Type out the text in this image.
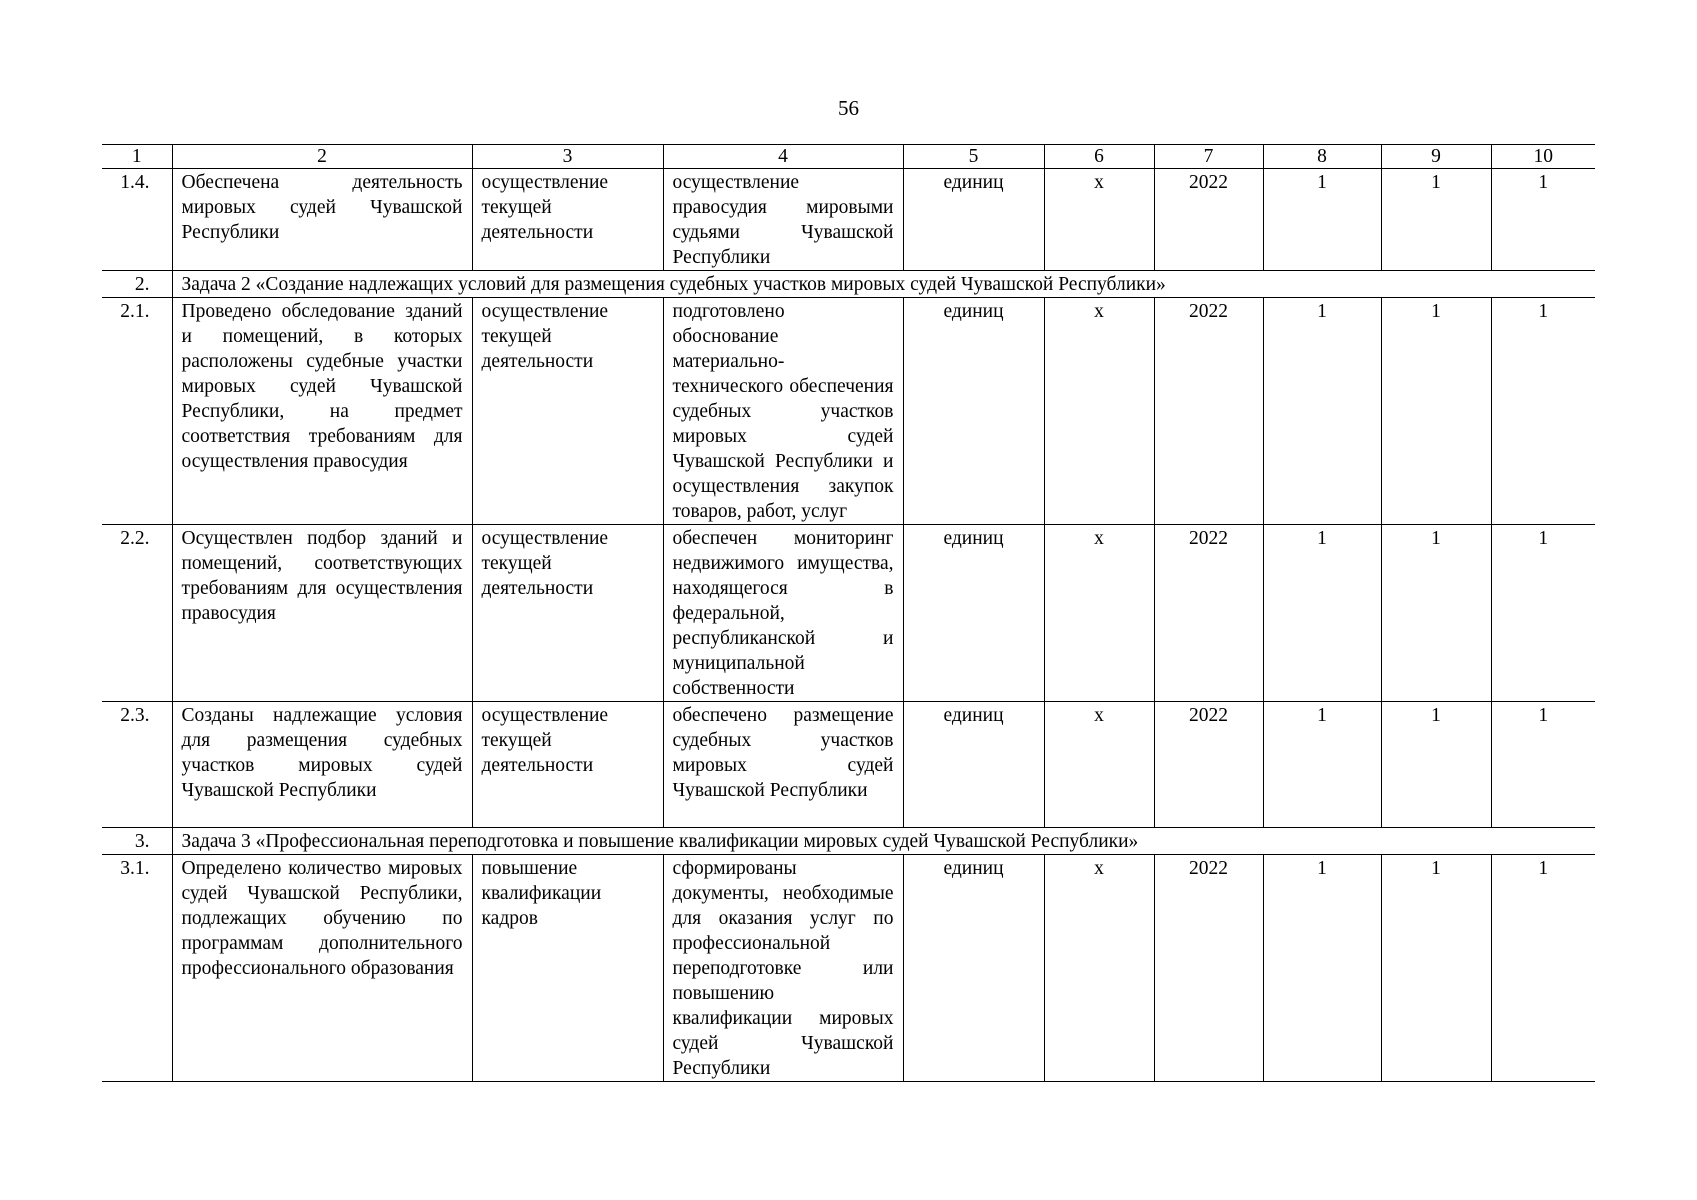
56
1	2	3	4	5	6	7	8	9	10
1.4.	Обеспечена деятельность мировых судей Чувашской Республики	осуществление текущей деятельности	осуществление правосудия мировыми судьями Чувашской Республики	единиц	х	2022	1	1	1
2.	Задача 2 «Создание надлежащих условий для размещения судебных участков мировых судей Чувашской Республики»								
2.1.	Проведено обследование зданий и помещений, в которых расположены судебные участки мировых судей Чувашской Республики, на предмет соответствия требованиям для осуществления правосудия	осуществление текущей деятельности	подготовлено обоснование материально-технического обеспечения судебных участков мировых судей Чувашской Республики и осуществления закупок товаров, работ, услуг	единиц	х	2022	1	1	1
2.2.	Осуществлен подбор зданий и помещений, соответствующих требованиям для осуществления правосудия	осуществление текущей деятельности	обеспечен мониторинг недвижимого имущества, находящегося в федеральной, республиканской и муниципальной собственности	единиц	х	2022	1	1	1
2.3.	Созданы надлежащие условия для размещения судебных участков мировых судей Чувашской Республики	осуществление текущей деятельности	обеспечено размещение судебных участков мировых судей Чувашской Республики	единиц	х	2022	1	1	1
3.	Задача 3 «Профессиональная переподготовка и повышение квалификации мировых судей Чувашской Республики»								
3.1.	Определено количество мировых судей Чувашской Республики, подлежащих обучению по программам дополнительного профессионального образования	повышение квалификации кадров	сформированы документы, необходимые для оказания услуг по профессиональной переподготовке или повышению квалификации мировых судей Чувашской Республики	единиц	х	2022	1	1	1
